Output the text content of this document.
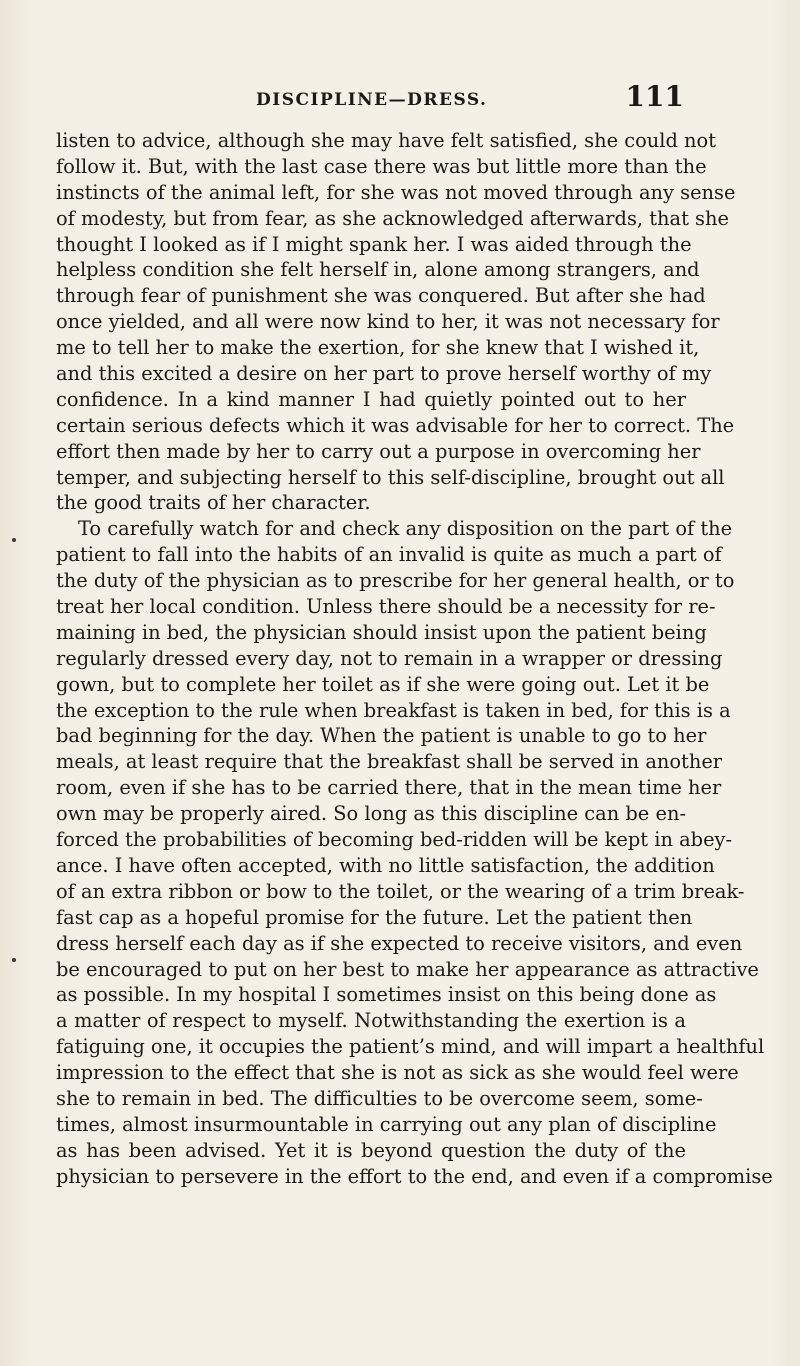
DISCIPLINE—DRESS.	111
listen to advice, although she may have felt satisfied, she could not
follow it. But, with the last case there was but little more than the
instincts of the animal left, for she was not moved through any sense
of modesty, but from fear, as she acknowledged afterwards, that she
thought I looked as if I might spank her. I was aided through the
helpless condition she felt herself in, alone among strangers, and
through fear of punishment she was conquered. But after she had
once yielded, and all were now kind to her, it was not necessary for
me to tell her to make the exertion, for she knew that I wished it,
and this excited a desire on her part to prove herself worthy of my
confidence. In a kind manner I had quietly pointed out to her
certain serious defects which it was advisable for her to correct. The
effort then made by her to carry out a purpose in overcoming her
temper, and subjecting herself to this self-discipline, brought out all
the good traits of her character.
To carefully watch for and check any disposition on the part of the
patient to fall into the habits of an invalid is quite as much a part of
the duty of the physician as to prescribe for her general health, or to
treat her local condition. Unless there should be a necessity for re-
maining in bed, the physician should insist upon the patient being
regularly dressed every day, not to remain in a wrapper or dressing
gown, but to complete her toilet as if she were going out. Let it be
the exception to the rule when breakfast is taken in bed, for this is a
bad beginning for the day. When the patient is unable to go to her
meals, at least require that the breakfast shall be served in another
room, even if she has to be carried there, that in the mean time her
own may be properly aired. So long as this discipline can be en-
forced the probabilities of becoming bed-ridden will be kept in abey-
ance. I have often accepted, with no little satisfaction, the addition
of an extra ribbon or bow to the toilet, or the wearing of a trim break-
fast cap as a hopeful promise for the future. Let the patient then
dress herself each day as if she expected to receive visitors, and even
be encouraged to put on her best to make her appearance as attractive
as possible. In my hospital I sometimes insist on this being done as
a matter of respect to myself. Notwithstanding the exertion is a
fatiguing one, it occupies the patient’s mind, and will impart a healthful
impression to the effect that she is not as sick as she would feel were
she to remain in bed. The difficulties to be overcome seem, some-
times, almost insurmountable in carrying out any plan of discipline
as has been advised. Yet it is beyond question the duty of the
physician to persevere in the effort to the end, and even if a compromise
